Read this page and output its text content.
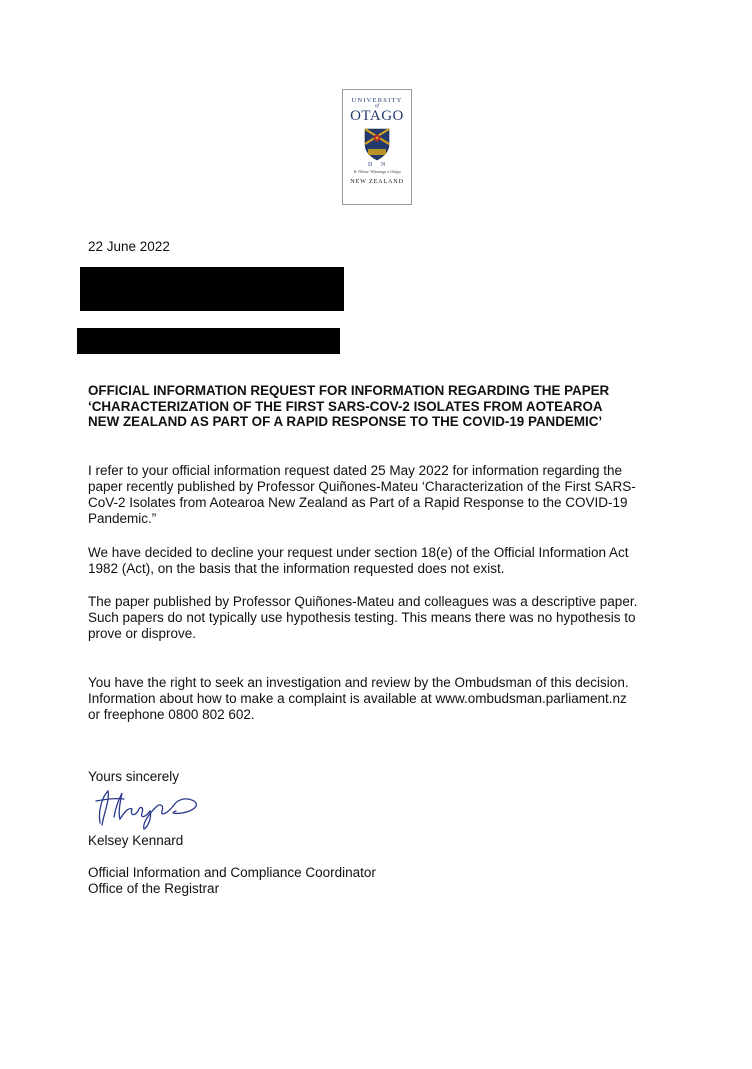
UNIVERSITY
of
OTAGO
D N
Te Whare Wānanga o Otāgo
NEW ZEALAND
22 June 2022
OFFICIAL INFORMATION REQUEST FOR INFORMATION REGARDING THE PAPER
‘CHARACTERIZATION OF THE FIRST SARS-COV-2 ISOLATES FROM AOTEAROA
NEW ZEALAND AS PART OF A RAPID RESPONSE TO THE COVID-19 PANDEMIC’
I refer to your official information request dated 25 May 2022 for information regarding the
paper recently published by Professor Quiñones-Mateu ‘Characterization of the First SARS-
CoV-2 Isolates from Aotearoa New Zealand as Part of a Rapid Response to the COVID-19
Pandemic.”
We have decided to decline your request under section 18(e) of the Official Information Act
1982 (Act), on the basis that the information requested does not exist.
The paper published by Professor Quiñones-Mateu and colleagues was a descriptive paper.
Such papers do not typically use hypothesis testing. This means there was no hypothesis to
prove or disprove.
You have the right to seek an investigation and review by the Ombudsman of this decision.
Information about how to make a complaint is available at www.ombudsman.parliament.nz
or freephone 0800 802 602.
Yours sincerely
Kelsey Kennard
Official Information and Compliance Coordinator
Office of the Registrar
